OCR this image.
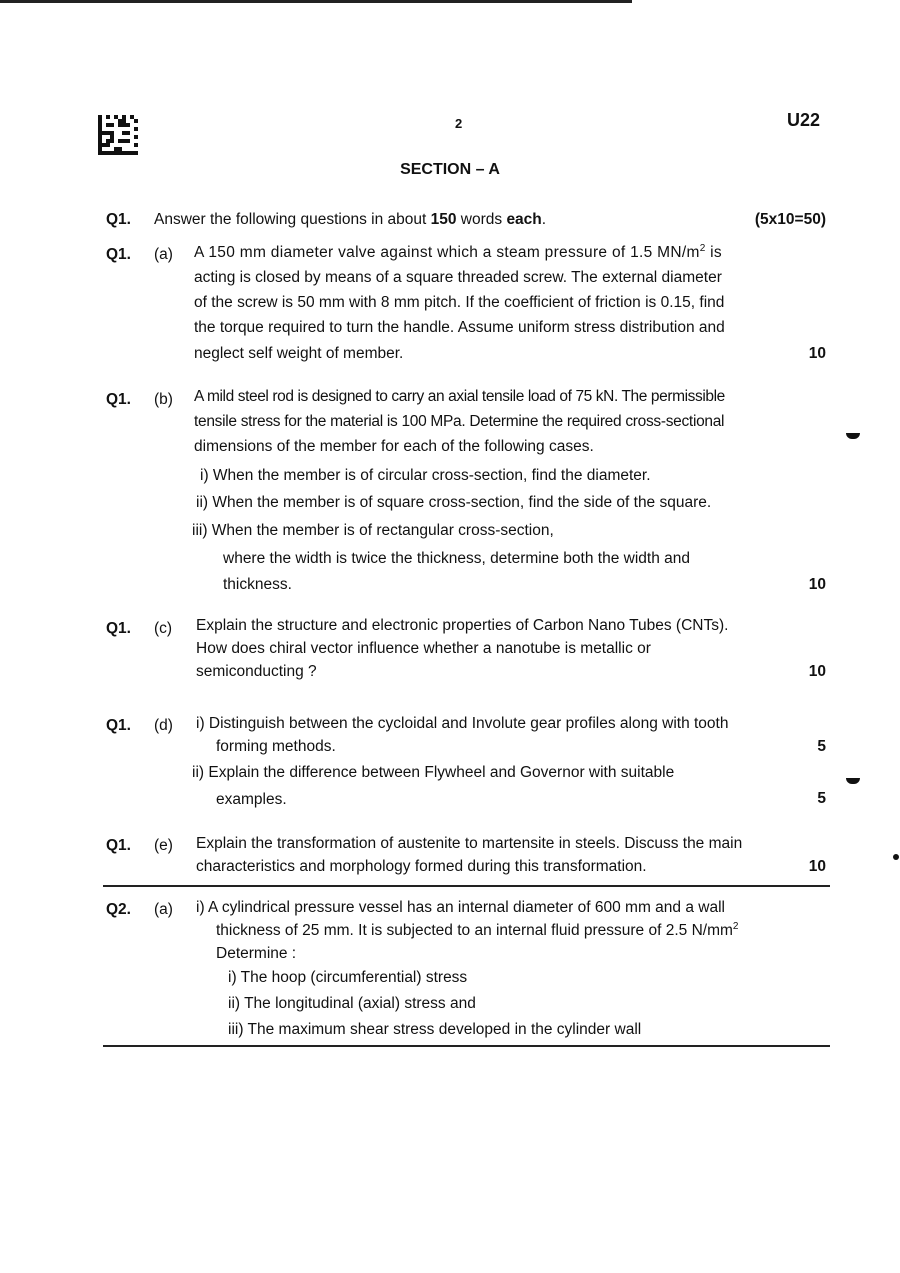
2	U22
SECTION – A
Q1. Answer the following questions in about 150 words each.	(5x10=50)
Q1. (a) A 150 mm diameter valve against which a steam pressure of 1.5 $MN/m^2$ is
acting is closed by means of a square threaded screw. The external diameter
of the screw is 50 mm with 8 mm pitch. If the coefficient of friction is 0.15, find
the torque required to turn the handle. Assume uniform stress distribution and
neglect self weight of member.	10
Q1. (b) A mild steel rod is designed to carry an axial tensile load of 75 kN. The permissible
tensile stress for the material is 100 MPa. Determine the required cross-sectional
dimensions of the member for each of the following cases.
i) When the member is of circular cross-section, find the diameter.
ii) When the member is of square cross-section, find the side of the square.
iii) When the member is of rectangular cross-section,
where the width is twice the thickness, determine both the width and
thickness.	10
Q1. (c) Explain the structure and electronic properties of Carbon Nano Tubes (CNTs).
How does chiral vector influence whether a nanotube is metallic or
semiconducting ?	10
Q1. (d) i) Distinguish between the cycloidal and Involute gear profiles along with tooth
forming methods.	5
ii) Explain the difference between Flywheel and Governor with suitable
examples.	5
Q1. (e) Explain the transformation of austenite to martensite in steels. Discuss the main
characteristics and morphology formed during this transformation.	10
Q2. (a) i) A cylindrical pressure vessel has an internal diameter of 600 mm and a wall
thickness of 25 mm. It is subjected to an internal fluid pressure of 2.5 $N/mm^2$
Determine :
i) The hoop (circumferential) stress
ii) The longitudinal (axial) stress and
iii) The maximum shear stress developed in the cylinder wall
